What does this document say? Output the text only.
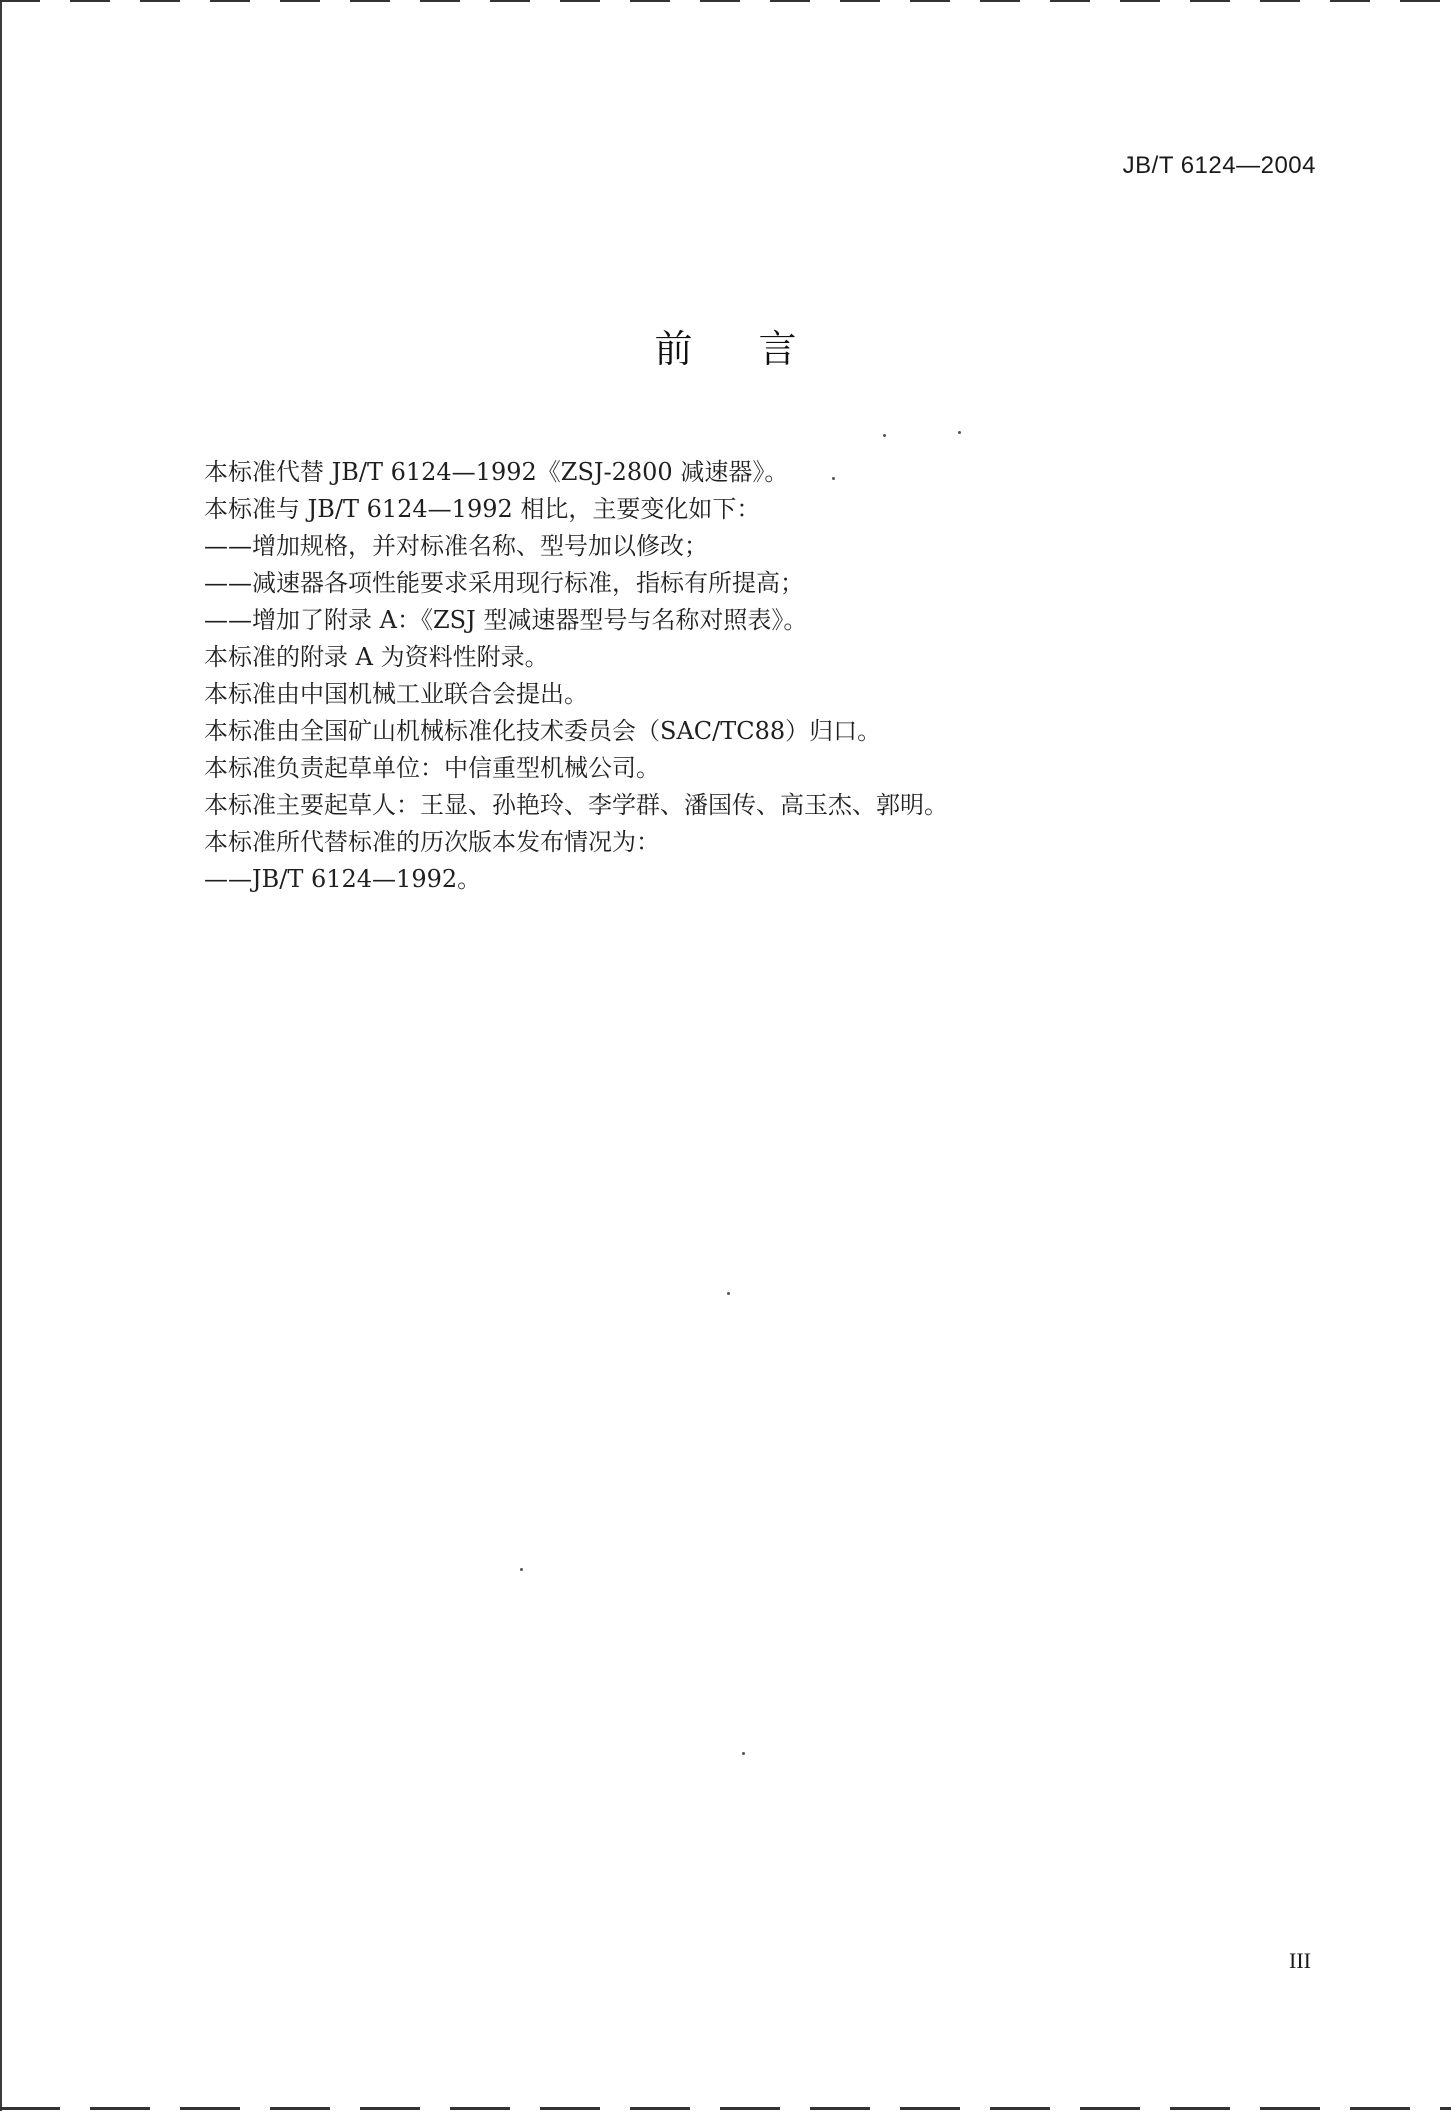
JB/T 6124—2004
前言
本标准代替 JB/T 6124—1992《ZSJ-2800 减速器》。
本标准与 JB/T 6124—1992 相比，主要变化如下：
——增加规格，并对标准名称、型号加以修改；
——减速器各项性能要求采用现行标准，指标有所提高；
——增加了附录 A：《ZSJ 型减速器型号与名称对照表》。
本标准的附录 A 为资料性附录。
本标准由中国机械工业联合会提出。
本标准由全国矿山机械标准化技术委员会（SAC/TC88）归口。
本标准负责起草单位：中信重型机械公司。
本标准主要起草人：王显、孙艳玲、李学群、潘国传、高玉杰、郭明。
本标准所代替标准的历次版本发布情况为：
——JB/T 6124—1992。
III
